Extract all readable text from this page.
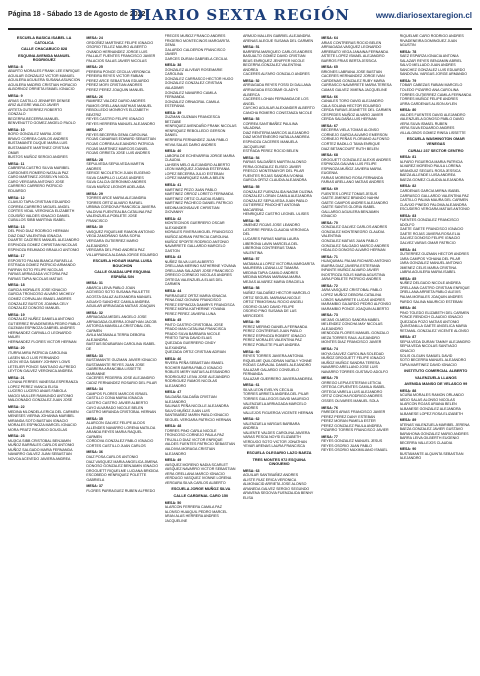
Página 18 - Sábado 13 de Agosto de 2022
DIARIO SEXTA REGIÓN	www.diariosextaregion.cl
ESCUELA BASICA ISABEL LA CATOLICA
CALLE CHACABUCO 828
ESQUINA AVENIDA MANUEL RODRIGUEZ
MESA: 8
ABURTO MORALES FRANK LEE ENRIQUE
AGUILAR GONZALEZ VICTOR MANUEL
AGUILERA AGUILERA SUSANA ASUNCION
AGUILERA MADRID CRISTIAN HORACIO
ALBORNOZ ORRIETA ISMAEL IGNACIO
MESA: 9
ARIAS CASTILLO JENNIFER DENISE
ARIZ ALEGRE WALDO JAVIER
ARTETA GUTIERREZ ROBERTO GONZALO
BECERRA BECERRA MANUEL
BENVENUTTO GOMEZ ANGELO PAOLO
MESA: 10
BORO GONZALEZ MARIA JOSE
BRAVO CORREA CARLOS ANDRES
BUSTAMANTE DUQUE MARIA LUIS
BUSTAMANTE MARTINEZ CRISTIAN OMAR
BUSTOS MUÑOZ SERGIO ANDRES
MESA: 11
CABRERA CASTRO SILVIA MARIBEL
CARDONES ROMERO NATALIA PAZ
CARO MARTINEZ JOSSELYN NICOL
CARO VERGARA ANTONIO JOSE
CARRERO CARRERO PATRICIO EDUARDO
MESA: 12
CLAVIJO TAPIA CRISTIAN EDUARDO
CORREA CARRERO MIGUEL ANGEL
CORTES VIDAL VERONICA ELIZABETH
COUSIÑO VALDES IGNACIO DANIEL
CUBILLOS SIBB MARTINA ISABEL
MESA: 13
DEL PINO DIAZ RODRIGO HERMAN
DIAZ DIAZ VALENTINA IGNACIA
DUARTE CACERES MANUEL ALEJANDRO
ESPINOZA GOMEZ CHRISTIAN NICOLAS
ESPINOZA REUMADO BRAULIO ANTONIO
MESA: 17
ESPOSITO PALMA BIANCA RAFAELLA
ESTRADA GOMEZ PATRICIO ARMANDO
FARFAN SOTO FELIPE NICOLAS
FARIAS ARRIAGADA VICTORIA PAZ
FARIAS TAPIA NICOLAS MATIAS
MESA: 18
GARCIA MORALES JOSE IGNACIO
GARCIA TRONCOSO ALVARO MICHELY
GOMEZ CORVALAN ISMAEL ANDRES
GONZALEZ BUSTOS JOANNA CELY
GONZALEZ DONOSO MANUEL
MESA: 19
GONZALEZ NUÑEZ DANIELA ANTONIO
GUTIERREZ RIVADENEIRA PEDRO PABLO
GUZMAN ESPINOZA GABRIEL ANDRES
HERNANDEZ CARVALLO LEONARDO MAURI
HERNANDEZ FLORES VICTOR HERNAN
MESA: 20
ITURRA MIRA PATRICIA CAROLINA
LASEN NILO LUIS FERNANDO
LEON VEGA SAMMY JOHNNY LOWS
LETELIER PONCE SANTIAGO ALFREDO
LEYTON GALVEZ VERONICA ANDREA
MESA: 21
LOYANA FERRES VANESSA ESPERANZA
LOPEZ PEREZ VIANCA ELISA
LUCERO LUCERO ANAIS FABIOLA
MAGGI MULLER RAIMUNDO ANTONIO
MALDONADO GONZALEZ JUAN JOSE
MESA: 22
MEDINA MLONDELA ERICA DEL CARMEN
MENESES VIERNA JOHANNA MARIBEL
MIRANDA SOTO BASTIAN IGNACIO
MORALES ESPINOZA MARCEL IGNACIO
MORA PRATZ RICARDO DOUGLAS
MESA: 23
MUJICA SIBB CRISTOBAL BENJAMIN
MUÑOZ BARRALES CARLOS ANTONIO
MUÑOZ SALGADO MARIA FERNANDA
NAVARRO GALVEZ JUAN SEBASTIAN
NOVOA ACEVEDO JAVIERA ANDREA
MESA: 24
ORDOÑEZ MARTINEZ FELIPE IGNACIO
OSORIO TELLEZ MAURO ALBERTO
OVANDO HERNANDEZ JORGE LUIS
PALLAUT FUENTES FRANCISCO JAVIER
PALACIOS SALAS JAVIER NICOLAS
MESA: 25
PEREIRA PONCE CECILIA VERONICA
PEREIRA REYES VICTOR FABIAN
PEREZ ARCE SEBASTIAN EDUARDO
PEREZ MORI CRISTIAN ANDRES
PEREZ PEREZ JOAQUIN MANUEL
MESA: 26
RAMIREZ VALDEZ DARIO ANDRES
RAMOS ORELLANA MATHIAS MANUEL
REBOLLEDO MONROYS ELIZABETH BEATRIZ
REYES CASTRO FELIPE IGNACIO
REYES HERRERA MANUEL ALEJANDRO
MESA: 27
REYES BECERRA GEMA CAROLINA
ROJAS CANARIAS EDWARD SEBASTIAN
ROJAS CORREA ALEJANDRO PATRICIA
ROJAS MARTINEZ MARCOS DANIEL
ROJAS ORRIETA JOSE LUIS ANDRES
MESA: 28
SEPULVEDA SEPULVEDA MARTIN ANDRES
SERICE NICOLETICH JUAN EUGENIO
SILVA CAMPILLO LUCAS ANDRES
SILVA CALCIA GERONIMO ANDRES
SILVA MUÑOZ LEONOR ADELAIDA
MESA: 29
TORRES ARCE MARIA ALEJANDRA
TORRES ORTIZ ALVARO RAFAEL
URBINA CORDOVA FRANCISCA JAVIERA
VALDIVIA FUENTEALBA CATALINA PAZ
VALENZUELA POBLETE JOSE FRANCISCO
MESA: 30
VASQUEZ RIQUELME RAMON ANTONIO
VEGA ZAMORANO SARA SOFIA
VERGARA GUTIERREZ MARIO ALEJANDRO
VERGARA DEL PINO ANDREA PAZ
VILLAFRANCA ALDANA JORGE EDUARDO
ESCUELA HOGAR MARIA LUISA BOUCHON
CALLE GUADALUPE ESQUINA ESPAÑA S/N
MESA: 31
ABARCA LEIVA PABLO JOAN
ACEVEDO SOTO SUSANA PAULETTE
ACOSTA GALAZ ALEXANDRA MANUEL
AGUAYO SANCHEZ CAMILA ANDREA
AGUILAR ARRIAGADA MATIAS JOAQUIN
MESA: 32
ARRIAGADA MEDEL ANGELO JOSE
ARRIAGADA GUERRA JONATHAN JACOB
ASTORGA MANSILLA CRISTOBAL DEL CARMEN
AVILA MATAMALA TERRA DEBORA ALEJANDRA
BASTIAS BOUBARAN CAROLINA ISABEL DE
MESA: 33
BUSTAMANTE GUZMAN JAVIER IGNACIO
BUSTAMANTE REYES JUAN JOSE
CABRERA ARANCIBIA LISSETTE MARIANNE
CACERES PEDERRA JOSE ALEJANDRO
CADIZ FERNANDEZ ROSARIO DEL PILAR
MESA: 34
CAMPOS FLORES MARCOS ISRAEL
CASTILLO CONA MARIA IGNACIA
CASTRO CASTRO JAVIER ALBERTO
CAYO ALVARADO NICOLE BELEN
CASTRO MIRANDA CRISTOBAL HERNAN
MESA: 35
ALARCON GALVEZ FELIPE ALDOS
ALLENDES NAVARRO LORENA MATILDA
ARANDA REYES MARIA RAQUEL CARMEN
CORDOVA GONZALEZ PABLO IGNACIO
CORTES CASTILLO JUAN CARLOS
MESA: 36
DIAZ POSA CARLOS ANTONIO
DIAZ VASQUEZ MARIA ANGELICA JIMENA
DONOSO GONZALEZ BENJAMIN IGNACIO
DROGUETT RIQUELME LUCIANA BRIGIDA
ESCOBEDO HENRIQUEZ POLETTE GABRIELA
MESA: 37
FLORES PARRAGUEZ RUBEN ALFREDO
FRECES MUÑOZ FRANCO ANDRES
FRIGERIO MONTECINOS MARGARITA GEMA
GALARDO CALDERON FRANCISCO JAVIER
GARCES DURAN GABRIELA CECILIA
MESA: 38
GONZALEZ ALIVEAR ROSEMARIE CAROLINA
GONZALEZ CARRASCO HECTOR HUGO
GONZALEZ GONZALEZ CRISTIAN VALADIMIR
GONZALEZ NAVARRO CAMILA FERNANDA
GONZALEZ ORNAGRAL CAMILA ESTEFANIA
MESA: 39
GUZMAN GUZMAN FRANCESCA BETZABE
HENRIQUEZ AVENDAÑO FRANK NICOLAS
HENRIQUEZ REBOLLEDO GERSON DANIEL
HERRERA FERNANDEZ JUAN PABLO
HEVIA SALAS DARIO ANDRES
MESA: 40
LABORA DE ECHEVARRIA JORGE MARIA CLAUDIA
LAHSEN MELO ALEJANDRO ALBERTO
LEON MARQUEZ JOANNA ESTEFANIA
LOPEZ BECERRA JULIO ESTEBAN
LOPEZ MANRIQUEZ KARLA BELEN
MESA: 41
MARTINEZ PEZO JUAN PABLO
MARTINEZ ORROZ LORETO FERNANDA
MARTINEZ ORTIZ CLAUDIA ISABEL
MARTINEZ PACHECO DANIEL PATRICIO
MEDINA MONSALVE CHRISTIAN GIOVANNY
MESA: 42
MONTECINOS GUERRERO OSCAR ALEXANDER
MORALES RIVERA MIGUEL FRANCISCO
MUÑOZ ADRIAN PATRICIA CAROLINA
MUÑOZ SPORTE RODRIGO ANTONIO
NAVARRETE GALLARDO MARCELO GASTON
MESA: 43
NUÑEZ SILVA LUIS ALBERTO
ORELLANA MERINO KATHERINE YOVANA
ORELLANA SALAZAR JOSE FRANCISCO
ORREGO CORNEJO NICOLAS ANDRES
ORTEGA VALENZUELA ELIAS DEL CARMEN
MESA: 44
PARRAGUEZ ORTIZ MARIA IGNACIA
PENA DIAZ GIOVANI FRANCISCO
PEREZ ESPINOZA DAMIRYS FRANCISCA
PEREZ MORA KATHERINE YOVANA
PEREZ PEREZ JAVIERA LUNA
MESA: 45
PINTO CASTRO CRISTOBAL JOSE
PRADO MAN CATALINA FRANCISCA
PRADO SILVA BARBARA NICOLE
PRIETO TAPIA DAVID ELIAS
QUEZADA GUERRERO CINDY ALEXANDRA
QUEZADA ORTIZ CRISTIAN ADRIAN
MESA: 46
RIVERA PEÑA SEBASTIAN ISMAEL
ROCHER BARRA PABLO IGNACIO
ROBLES MERY MATIAS ALESSANDRO
RODRIGUEZ LEIVA JOSE ALEJANDRO
RODRIGUEZ RAMOS NICOLAS ALEJANDRO
MESA: 47
SALDAÑA SALDAÑA CRISTIAN ALEJANDRO
SALINAS PEÑA NICOLLE ALEJANDRA
SALVO MUÑOZ JUAN LUIS
SANTIBAÑEZ MARIN PABLO IGNACIO
SEGUEL VERGARA PATRICIO HERNAN
MESA: 48
TORRES PINO CARLA NICOLE
TRONCOSO CORNEJO PAULA PAZ
TRUJILLO DIAZ VICTOR ENRIQUE
VALDES FUENTES PATRICIO SEBASTIAN
VALDIVIA MORAGA CRISTIAN ALEJANDRO
MESA: 49
VASQUEZ MORENO NADIA SCARLET
VASQUEZ NAVARRO VICTOR SEBASTIAN
VERA ORELLANA MARCO IGNACIO
VERDUGO VASQUEZ IVONNE LORENA
VERGARA SILVA CARLOS ALBERTO
ESCUELA JORGE MUÑOZ SILVA
CALLE CARDENAL CARO 150
MESA: 50
ALARCON FERRERA CAMILA PAZ
ALONSO HUAIQUIL PEDRO MARCEL
ARAN ALAS HERRERA ANDRES JACQUELINE
ARMIJO MALLEN GABRIEL ALEJANDRA
ARENAS ALEGUE SUSANA DEL CARMEN
MESA: 51
BARRERA MARIQUEO CARLOS ANDRES
BASUALTO GOMEZ DAVID CRISTIAN
BEAS ENRIQUEZ JENIFFER NICOLE
BECERRA GONZALEZ VALENTINA ANDREA
CACERES ALFARO GONZALO ANDRES
MESA: 52
ARRIAGADA REYES FOSSI DI DALLANA
ARRIAGADA ESCOBAR GLADYS ALBERCA
CACERES LOHAN FERNANDA DE LOS ANGEL
CAYCHO AGUILAR ALEXANDER ALBERTO
CANCHA ROMERO CONSTANZA NICOLE
MESA: 53
CORREA SANTIBAÑEZ PAULINA VALADINA
DIAZ RENTERIA MARCOS ALEJANDRO
DIAZ MONTENEGRO NATALIA ANDREA
ESPINOZA CACERES MANUELA JACQUELINE
ESTRADA PEREZ ROCIO BELEN
MESA: 54
FARIAS SALDAÑES MARTIN ALONSO
FERIA GONZALEZ ELISEO JAVIER
FRESCO MONTEMAYOR DEL PILAR
FUENTES ROJAS SANDRA IVONNA
GARCIA ORTIZ CLAUDIA ALEJANDRA
MESA: 55
GONZALEZ FUENZALIDA NAOMI DUZINA
GONZALEZ LORAN CAMILA ALEJANDRA
GONZALEZ SEPULVEDA JUAN PABLO
GUTIERREZ PINOCHET ANTONIA MACARENA
HENRIQUEZ CASTRO LEONEL ULISES
MESA: 56
JIMENEZ ROJAS JOSE LEANDRO
LATORRE PEREA CLAUDIA VERONICA DEL
LUCARES FARIAS MARIA LAURA
LIBERONA LAVIN MARCELA DEL
LIBERONA CONTRERAS TANIA VALENTINA
MESA: 57
MATAMALA LOPEZ VICTORIA MARGARITA
MAUREIRA LIZANA LUZ TAMARA
MEDINA TAPIA CAMILO ANDRES
MEDINA MORAN MARIANA MARIA
MEJIAS ALVAREZ MARIA GRACIELA
MESA: 58
NUÑEZ SALDAÑEZ HECTOR MARCELO
ORTIZ SEGUEL MARIANA NICOLE
ORTIZ TRIMOSHIAL ROCIO ANGELI
OSORIO OLMO DAVID FELIPE
OSORIO PINO SUSANA DE LAS MERCEDES
MESA: 59
PEREZ MERINO DANIELA FERNANDA
PEREZ CONTRERAS JUAN PABLO
PEREZ ESPINOZA ROBERT IGNACIO
PEREZ MORALES VALENTINA PAZ
PEREZ POBLETE PILAR ANDREA
MESA: 60
REYES TORRES JAVIERA ANTONIA
RIQUELME QUILODRAN NATALY YONNE
RODAS CARVAJAL DANIEL ALEJANDRO
SALAZAR GALARDO CONSUELO FERNANDA
SALAZAR GUERRERO JAVIERA ANDREA
MESA: 61
SILVA LEON EVELYN CECILIA
TORRES ARRIETA ANDREA DEL PILAR
TORRES GALLEGOS DAVID MAURICIO
VALENZUELA ARRIAGADA MARCELO ANDRES
VALLEJOS FIGUEROA VICENTE HERNAN
MESA: 62
VALENZUELA VARGAS BARBARA ANDREA
VALIENTE VALDES CAROLINA JAVIERA
VARAS PESOA NOYSI ELIZABETH
VERDUGO SOTO VICTOR JONATHAN
YEVAR ARENAS LAURA FRANCISCA
ESCUELA OLEGARIO LAZO BAEZA
TRES MONTES 972 ESQUINA CINGUEMO
MESA: 63
AGUILAR SANTIBAÑEZ ANDRES
ALISTE RUIZ ERICA VERONICA
ALMONACID ARRIETA JOSE ALONSO
ARANEDA GALVEZ SERGIO SEGUNDO
ARAVENA SEGOVIA FUENZALIDA BENNY ELISA
MESA: 64
ARIAS CONTRERAS ROCIO BELEN
ARRIAGADA VASQUEZ LEONARDO
ARREBATO VEGA JANAINA FERNANDA
ASTETE LOPEZ ISMAEL ALEJANDRO
BARROS FRIAS BERTA JESSICA
MESA: 65
BRIONES LABRANA JOSE BASTIAN
CACERES HERNANDEZ JORGE IVAN
CARDENAS GONZALEZ RUBY MARIA
CARRASCO NAVARRETE MARIA TERESA
CAMAS GALVEZ XIMENA JACQUELINE
MESA: 66
CANALES TORO DAVID ALEJANDRO
CALA SOLANA HECTOR EDUARDO
CERDA FARIAS JEANETTE DEL CARMEN
CESPEDES MUÑOZ ALVARO JAVIER
CERDA SALDAÑA LUIS HERNAN
MESA: 67
BECERRA VIELA TOMAS ALONSO
CORNEJO GARCIA ALVARO EMERSON
CORNEJO PEÑAS FLORIANO ALFONSO
CORTEZ BADILLO TAMA ENRIQUE
DIAZ BETANCOURT RUTH BELEN
MESA: 68
DROGUETT GONZALEZ ALEXIS ANDRES
ESPINOZA GALVAN LUIS FELIPE
ESPINOZA MUÑOZ JAVIERA MARIA EUGENIA
FARIAS MORENO ROSA FERNANDA
FARIAS ARELLANO MATIAS ANDRES
MESA: 69
FUENTES LOPEZ TOMAS JESUS
GAETE JIMENEZ BRANDO NAHIM
GAETE CAMPOS ANDRES ALEJANDRO
GAETE SANTIS GLORIA ISABEL
GALLARDO AGUILERA BENJAMIN IGNACIO
MESA: 70
GONZALEZ GALVEZ CARLOS ANDRES
GONZALEZ MONTENEGRO CLAUDIA VALENTINA
GONZALEZ MATIAS JUAN PABLO
GONZALEZ SALGADO MARCO ANDRES
HIDALGO DONOSO ALVARO HERNAN
MESA: 71
HUAIQUIMAL PALMA RICHARD ANTONIO
IBARRA DIAZ JAVIERA ESTEFANIA
INFANTE MUÑOZ ALVARO JAVIER
INOSTROZA SOLIS MARIA AGUSTINA
JARA POBLETE PATRICIO ANDRES
MESA: 72
JARA VASQUEZ CRISTOBAL PABLO
LOPEZ MUÑOZ DEBORA CATALINA
LOBOS NAVARRETE LUCAS ANDRES
MARAMBIO GAJARDO PEDRO ALFONSO
MARAMBIO PONCE JOAQUIN ALBERTO
MESA: 73
MEJIAS OLMEDO SANDRA MABEL
MELENDEZ CONCHA MAY NICOLAS ALEJANDRO
MENDOZA FLORES MANUEL GONZALO
MEZA TORRES RAUL ALEJANDRO
MONTES DIAZ FRANCISCO JAVIER
MESA: 74
MOYA GALVEZ CAROLINA SOLEDAD
MUÑOZ DROGUETT FELIPE IGNACIO
MUÑOZ MUÑOZ SANDRA TERESA
NAVARRO ARELLANO JOSE LUIS
NAVARRO TORRES GUSTAVO ADOLFO
MESA: 75
ORREGO LEPIA ESTEFANI LETICIA
ORTEGA CIFUENTES CAMILA ISABEL
ORTEGA VARELA LUIS ALEJANDRO
ORTIZ CONCHA RODRIGO ANDRES
OSSES OLIVARES MANUEL SOLA
MESA: 76
PAREDES ARIAS FRANCISCO JAVIER
PEREZ PEREZ DANY ESTEBAN
PEREZ MORAN PAMELA ESTER
PEREZ GONZALEZ PAULA ANDREA
PIZARRO TORRES FRANCISCO JAVIER
MESA: 77
REYES GONZALEZ MANUEL JESUS
REYES OSORIO JUAN PABLO
REYES OSORIO MAXIMILIANO ISMAEL
RIQUELME CARO RODRIGO ANDRES
RIVADENEIRA DOMINGUEZ JUAN AGUSTIN
MESA: 78
SAEZ ESPARZA IGNACIA ANTONIA
SALAZAR REYES BENJAMIN ABRIEL
SALVO MELLADO JUAN ANDRES
SANCHEZ GONZALEZ LUIS EDUARDO
SANDOVAL VARGAS JORGE ARMANDO
MESA: 79
TOBAR CABEZAS FABIAN MARCELO
TOLEDO PIZARRO ANA CAROLINA
TORRES GUTIERREZ CAMILA FERNANDA
TORRES MUÑOZ FELIPE ANDRES
URRA CARDENAS ALISON AYLEN
MESA: 80
VALDES FUENTES DAVID ALEJANDRO
VALENZUELA DONOSO PABLO DAVID
VERA SILVA ISMAEL RUBEN
VERA SILVA EDUARDO ANDRES
VILLALOBOS GOMEZ RINSA LISSETTE
ESCUELA WASHINGTON OMAR VENEGAS
CURALI 237 SECTOR CENTRO
MESA: 81
ALFARO FIGUEROA MARIA PATRICIA
ALVAREZ MORENO PAULA LORENA
ARANGUIZ SEGUEL ROSA JESSICA
BAEZA ALLENDE LUISA ANDREA
BAEZA GOMEZ CLAUDIA ALEJANDRA
MESA: 82
CARDENAS GARCIA MIRNA ISABEL
CARRASCO GALLARDO VALENTINA PAZ
CASTILLO PALMA MAURA DEL CARMEN
CLAVIJO PINEDO PALOMA ALEJANDRA
ESCUDERO VERGARA MATIAS ANTONIO
MESA: 83
FUENTES GONZALEZ FRANCISCO ADOLFO
GAETE GAETE FRANCISCO IGNACIO
GAETE ROJAS JAVIERA ROSA ELIA
GALVEZ DONOSO FELIPE IGNACIO
GALVEZ VARAS OMAR PATRICIO
MESA: 84
GUTIERREZ GUZMAN HECTOR ANDRES
JARA CAMPOS YOHANA DEL PILAR
JARA GONZALEZ MANUEL ANTONIO
JIMENEZ CELIS MARIA CRISTINA
LABRA AGUILERA MARIA ISABEL
MESA: 85
NUÑEZ DELGADO NICOLE ANDREA
ORELLANA CASTRO CRISTIAN ENRIQUE
ORELLANA ARRIETA PABLO ALEXIS
PALMA MORALES JOAQUIN ANDRES
PARDO SALINA MAURICIO ESTEBAN
MESA: 86
PINO TOLEDO ELIZABETH DEL CARMEN
PONCE RENDICH CLAUDIO IGNACIO
QUEZADA POZO MATIAS ANTONIO
QUINTANILLA GAETE ANGELICA MARIA
RETAMAL GONZALEZ VICENTE ALONSO
MESA: 87
SEPULVEDA DURAN TAMMY ALEJANDRO
SEPULVEDA NICOLAS SANTIAGO IGNACIO
SOLIS OLGUIN SAMUEL DAVID
SOTO BECERRA MANUEL ALEJANDRO
TAPIA MARTINEZ DAVID IGNACIO
INSTITUTO COMERCIAL ALBERTO
VALENZUELA LLANOS
AVENIDA MANSO DE VELASCO 99
MESA: 88
ACUÑA MORALES RAMON ORLANDO
AEDO SALAS ALONSO NICOLAS
ALARCON ROJAS ARIANA BELEN
ALBANESE GONZALEZ ALEJANDRA
ALBANESE LOPEZ ROSA ELIZABETH
MESA: 89
ATENAS VALENZUELA MARIBEL JERENA
BAEZA GONZALEZ JAVIER GUSTAVO
BARAHONA GONZALEZ MARIO ANDRES
BARRA LEIVA GILBERTH EUGENIO
BECERRA VALLEJOS CLAUDIA
MESA: 90
BUSTAMANTE ALQUINTA SEBASTIAN ALEJANDRO
